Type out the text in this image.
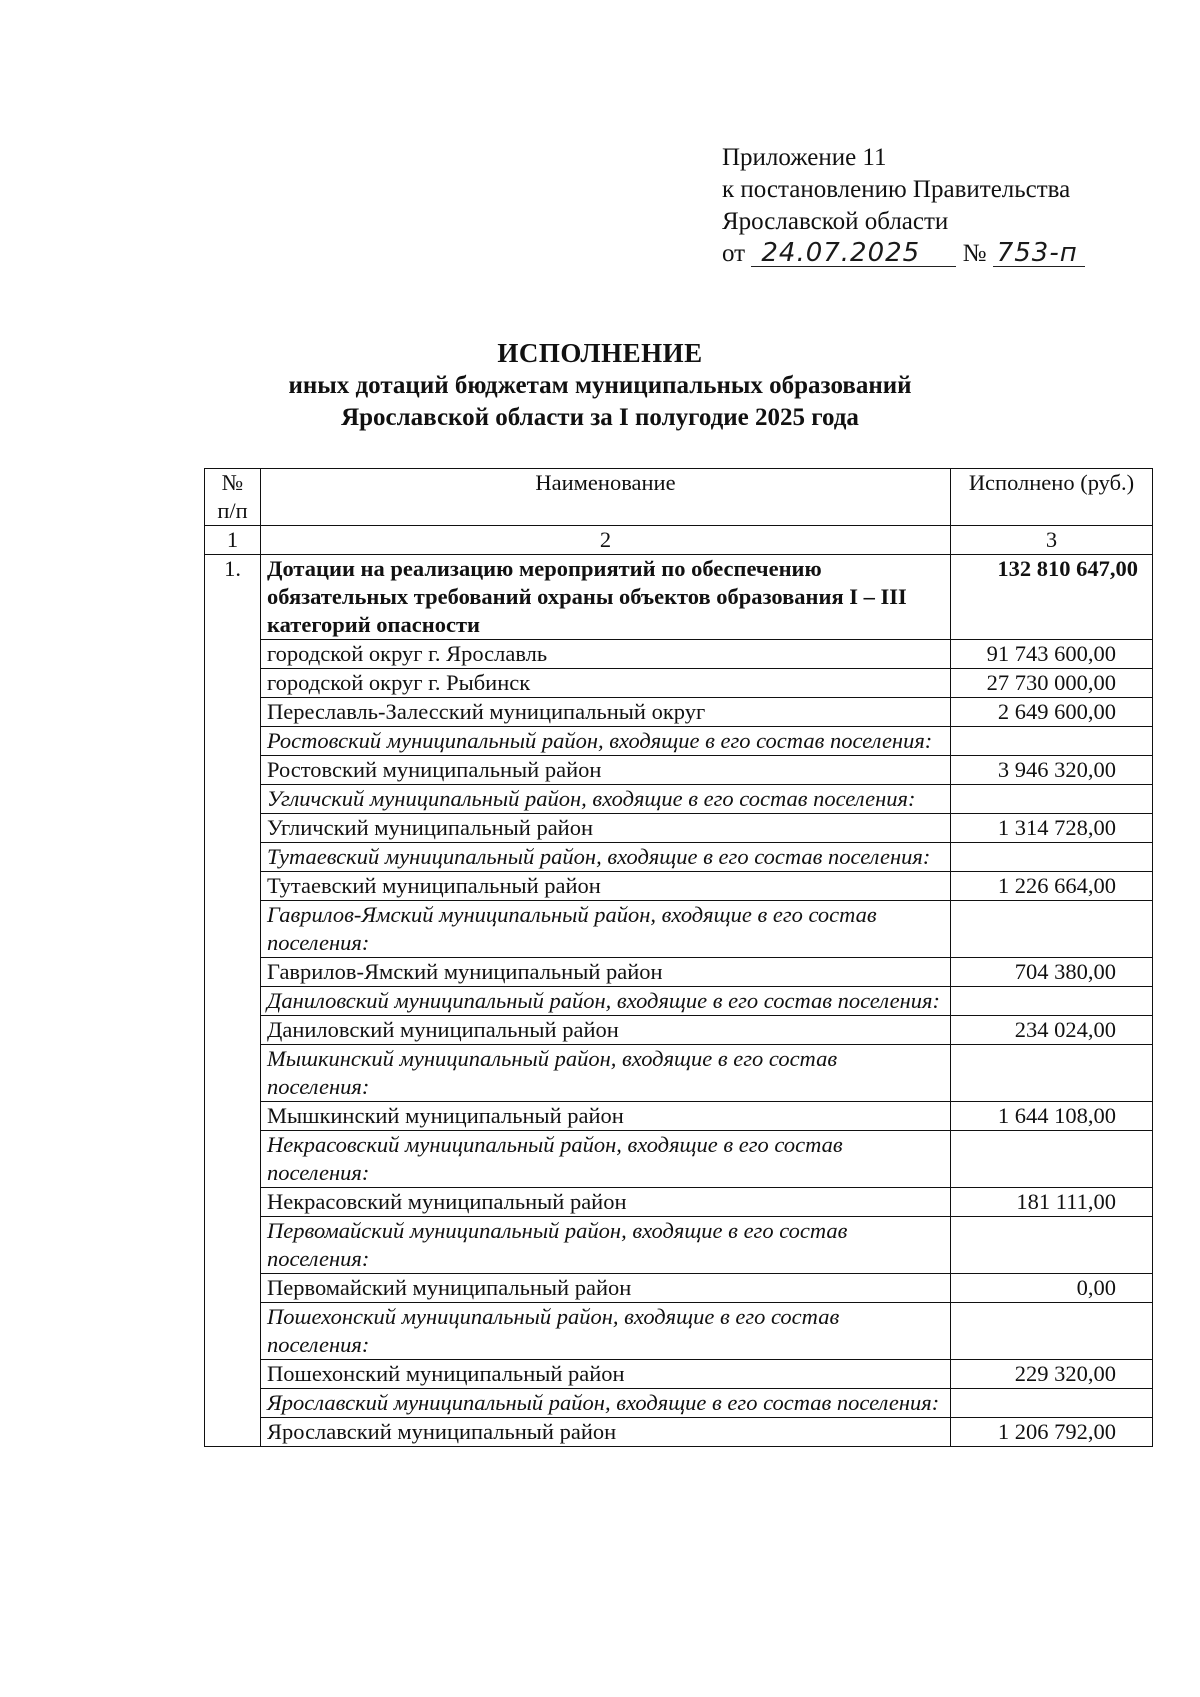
Приложение 11
к постановлению Правительства
Ярославской области
от 24.07.2025 № 753-п
ИСПОЛНЕНИЕ
иных дотаций бюджетам муниципальных образований
Ярославской области за I полугодие 2025 года
№ п/п	Наименование	Исполнено (руб.)
1	2	3
1.	Дотации на реализацию мероприятий по обеспечению обязательных требований охраны объектов образования I – III категорий опасности	132 810 647,00
	городской округ г. Ярославль	91 743 600,00
	городской округ г. Рыбинск	27 730 000,00
	Переславль-Залесский муниципальный округ	2 649 600,00
	Ростовский муниципальный район, входящие в его состав поселения:	
	Ростовский муниципальный район	3 946 320,00
	Угличский муниципальный район, входящие в его состав поселения:	
	Угличский муниципальный район	1 314 728,00
	Тутаевский муниципальный район, входящие в его состав поселения:	
	Тутаевский муниципальный район	1 226 664,00
	Гаврилов-Ямский муниципальный район, входящие в его состав поселения:	
	Гаврилов-Ямский муниципальный район	704 380,00
	Даниловский муниципальный район, входящие в его состав поселения:	
	Даниловский муниципальный район	234 024,00
	Мышкинский муниципальный район, входящие в его состав поселения:	
	Мышкинский муниципальный район	1 644 108,00
	Некрасовский муниципальный район, входящие в его состав поселения:	
	Некрасовский муниципальный район	181 111,00
	Первомайский муниципальный район, входящие в его состав поселения:	
	Первомайский муниципальный район	0,00
	Пошехонский муниципальный район, входящие в его состав поселения:	
	Пошехонский муниципальный район	229 320,00
	Ярославский муниципальный район, входящие в его состав поселения:	
	Ярославский муниципальный район	1 206 792,00
